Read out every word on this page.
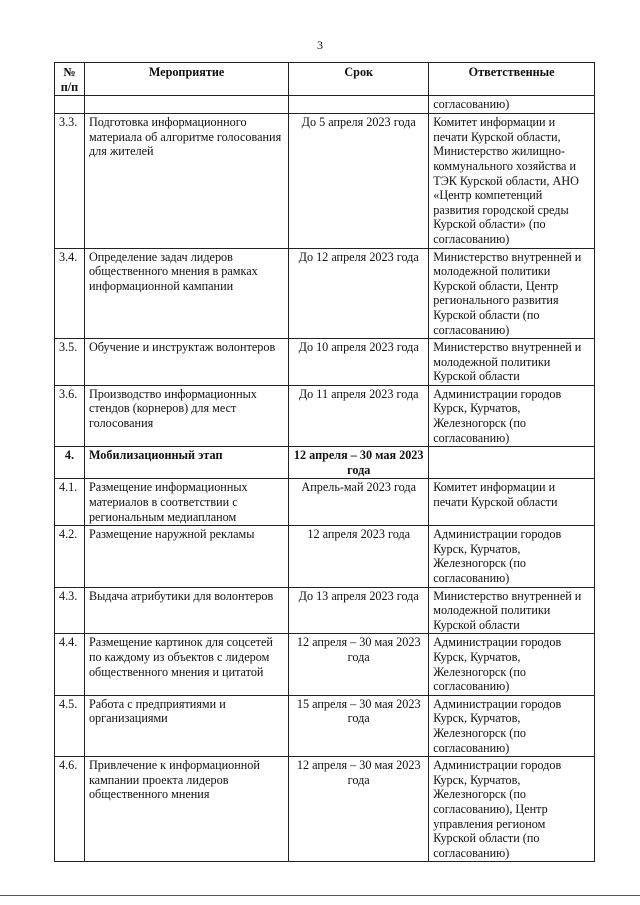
3
№ п/п	Мероприятие	Срок	Ответственные
			согласованию)
3.3.	Подготовка информационного материала об алгоритме голосования для жителей	До 5 апреля 2023 года	Комитет информации и печати Курской области, Министерство жилищно-коммунального хозяйства и ТЭК Курской области, АНО «Центр компетенций развития городской среды Курской области» (по согласованию)
3.4.	Определение задач лидеров общественного мнения в рамках информационной кампании	До 12 апреля 2023 года	Министерство внутренней и молодежной политики Курской области, Центр регионального развития Курской области (по согласованию)
3.5.	Обучение и инструктаж волонтеров	До 10 апреля 2023 года	Министерство внутренней и молодежной политики Курской области
3.6.	Производство информационных стендов (корнеров) для мест голосования	До 11 апреля 2023 года	Администрации городов Курск, Курчатов, Железногорск (по согласованию)
4.	Мобилизационный этап	12 апреля – 30 мая 2023 года	
4.1.	Размещение информационных материалов в соответствии с региональным медиапланом	Апрель-май 2023 года	Комитет информации и печати Курской области
4.2.	Размещение наружной рекламы	12 апреля 2023 года	Администрации городов Курск, Курчатов, Железногорск (по согласованию)
4.3.	Выдача атрибутики для волонтеров	До 13 апреля 2023 года	Министерство внутренней и молодежной политики Курской области
4.4.	Размещение картинок для соцсетей по каждому из объектов с лидером общественного мнения и цитатой	12 апреля – 30 мая 2023 года	Администрации городов Курск, Курчатов, Железногорск (по согласованию)
4.5.	Работа с предприятиями и организациями	15 апреля – 30 мая 2023 года	Администрации городов Курск, Курчатов, Железногорск (по согласованию)
4.6.	Привлечение к информационной кампании проекта лидеров общественного мнения	12 апреля – 30 мая 2023 года	Администрации городов Курск, Курчатов, Железногорск (по согласованию), Центр управления регионом Курской области (по согласованию)
